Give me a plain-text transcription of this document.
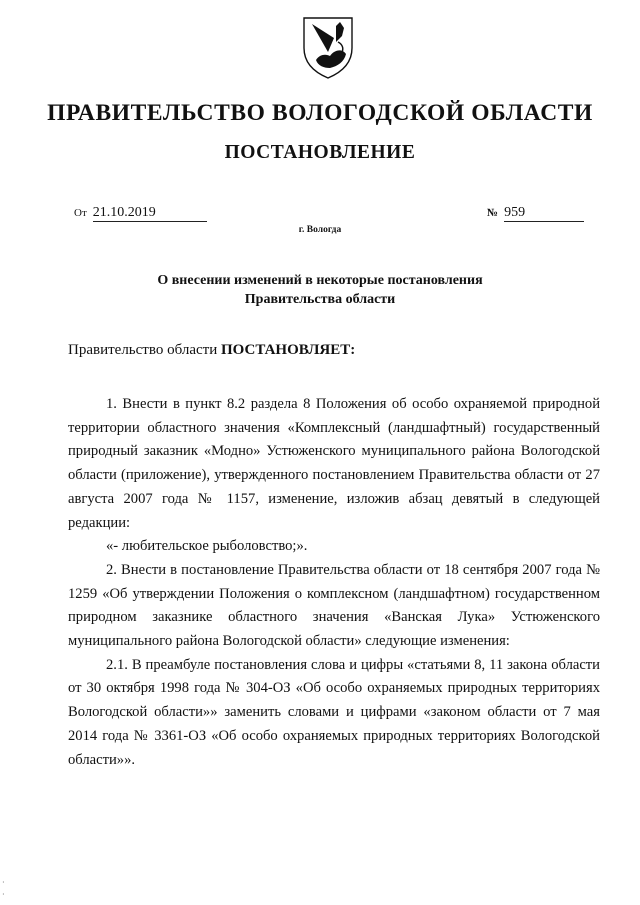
ПРАВИТЕЛЬСТВО ВОЛОГОДСКОЙ ОБЛАСТИ
ПОСТАНОВЛЕНИЕ
От 21.10.2019	№ 959
г. Вологда
О внесении изменений в некоторые постановления
Правительства области
Правительство области ПОСТАНОВЛЯЕТ:

1. Внести в пункт 8.2 раздела 8 Положения об особо охраняемой природной территории областного значения «Комплексный (ландшафтный) государственный природный заказник «Модно» Устюженского муниципального района Вологодской области (приложение), утвержденного постановлением Правительства области от 27 августа 2007 года № 1157, изменение, изложив абзац девятый в следующей редакции:

«- любительское рыболовство;».

2. Внести в постановление Правительства области от 18 сентября 2007 года № 1259 «Об утверждении Положения о комплексном (ландшафтном) государственном природном заказнике областного значения «Ванская Лука» Устюженского муниципального района Вологодской области» следующие изменения:

2.1. В преамбуле постановления слова и цифры «статьями 8, 11 закона области от 30 октября 1998 года № 304-ОЗ «Об особо охраняемых природных территориях Вологодской области»» заменить словами и цифрами «законом области от 7 мая 2014 года № 3361-ОЗ «Об особо охраняемых природных территориях Вологодской области»».

·
·
